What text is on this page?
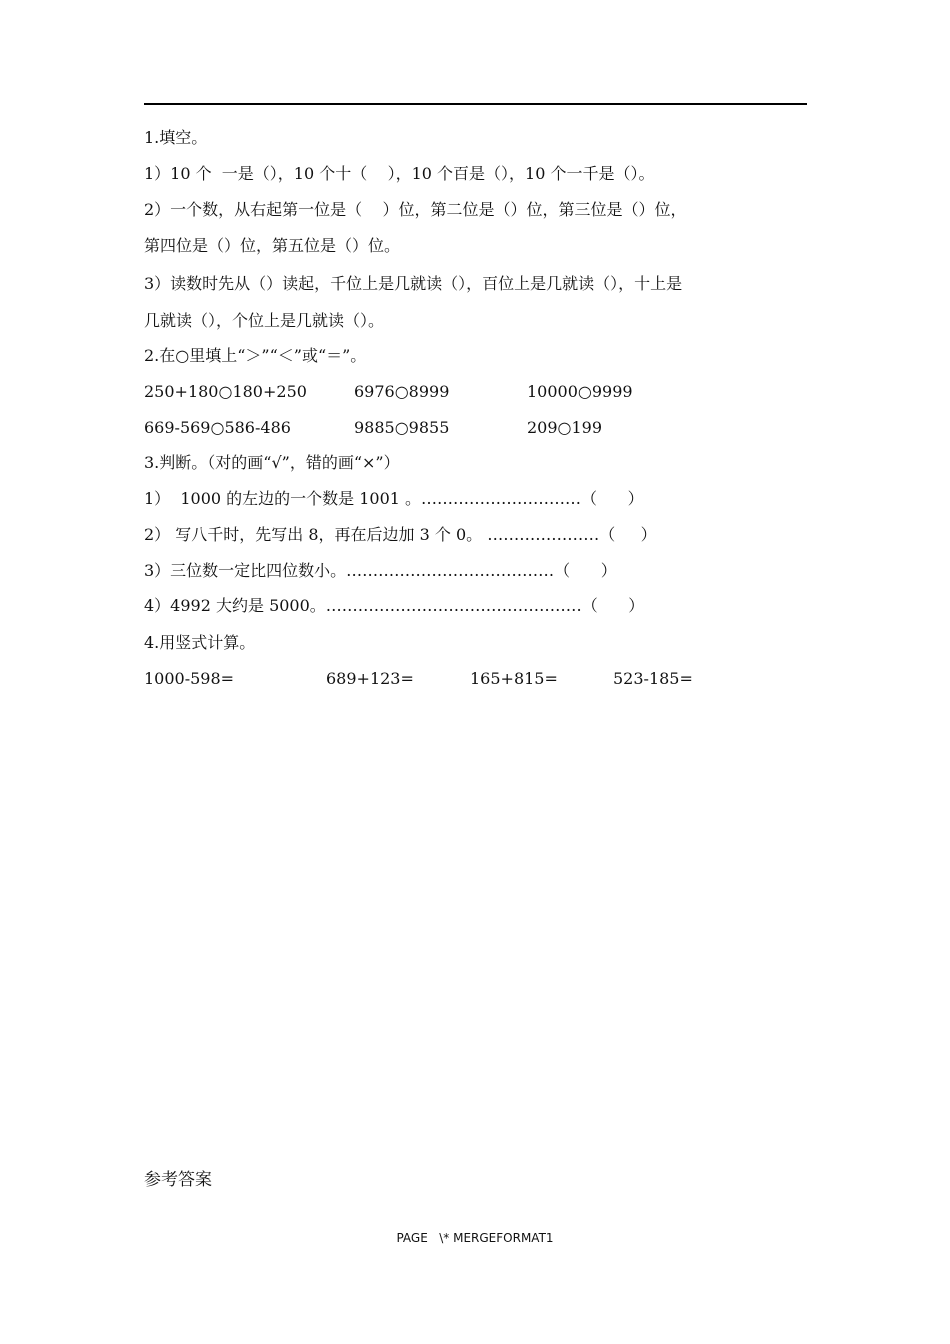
1.填空。
1）10 个  一是（），10 个十（    ），10 个百是（），10 个一千是（）。
2）一个数，从右起第一位是（    ）位，第二位是（）位，第三位是（）位，
第四位是（）位，第五位是（）位。
3）读数时先从（）读起，千位上是几就读（），百位上是几就读（），十上是
几就读（），个位上是几就读（）。
2.在○里填上“＞”“＜”或“＝”。
250+180○180+250	6976○8999	10000○9999
669-569○586-486	9885○9855	209○199
3.判断。（对的画“√”，错的画“×”）
1）  1000 的左边的一个数是 1001 。…………………………（      ）
2） 写八千时，先写出 8，再在后边加 3 个 0。 …………………（     ）
3）三位数一定比四位数小。…………………………………（      ）
4）4992 大约是 5000。…………………………………………（      ）
4.用竖式计算。
1000-598=	689+123=	165+815=	523-185=
参考答案
PAGE   \* MERGEFORMAT1
